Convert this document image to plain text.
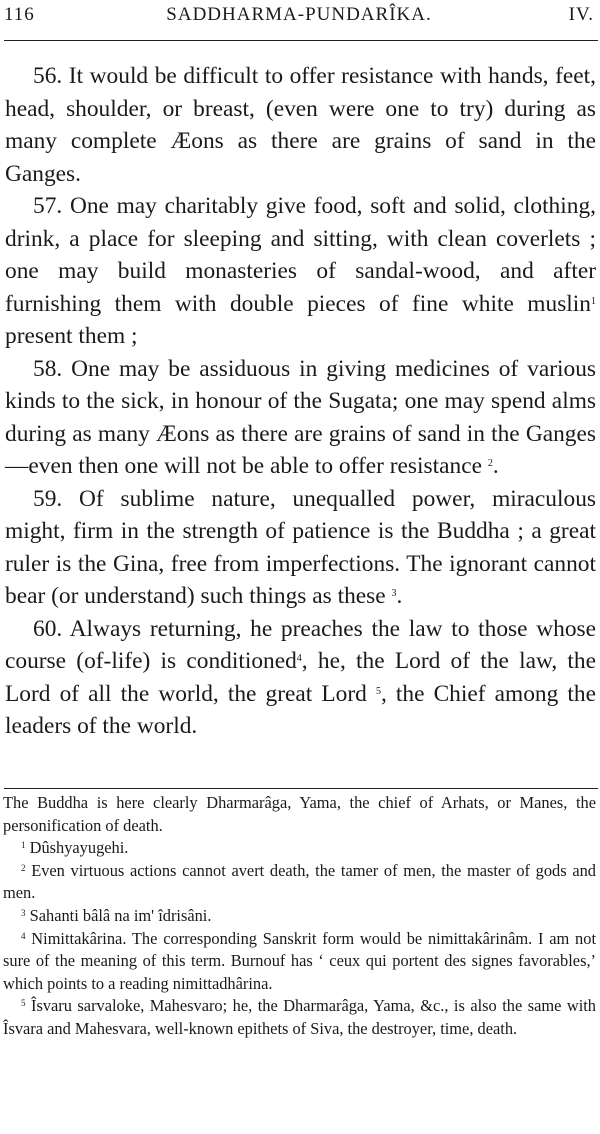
116	SADDHARMA-PUNDARÎKA.	IV.

56. It would be difficult to offer resistance with hands, feet, head, shoulder, or breast, (even were one to try) during as many complete Æons as there are grains of sand in the Ganges.

57. One may charitably give food, soft and solid, clothing, drink, a place for sleeping and sitting, with clean coverlets ; one may build monasteries of sandal-wood, and after furnishing them with double pieces of fine white muslin$^1$ present them ;

58. One may be assiduous in giving medicines of various kinds to the sick, in honour of the Sugata; one may spend alms during as many Æons as there are grains of sand in the Ganges—even then one will not be able to offer resistance $^2$.

59. Of sublime nature, unequalled power, miraculous might, firm in the strength of patience is the Buddha ; a great ruler is the Gina, free from imperfections. The ignorant cannot bear (or understand) such things as these $^3$.

60. Always returning, he preaches the law to those whose course (of-life) is conditioned$^4$, he, the Lord of the law, the Lord of all the world, the great Lord $^5$, the Chief among the leaders of the world.

The Buddha is here clearly Dharmarâga, Yama, the chief of Arhats, or Manes, the personification of death.

$^1$ Dûshyayugehi.

$^2$ Even virtuous actions cannot avert death, the tamer of men, the master of gods and men.

$^3$ Sahanti bâlâ na im' îdrisâni.

$^4$ Nimittakârina. The corresponding Sanskrit form would be nimittakârinâm. I am not sure of the meaning of this term. Burnouf has ‘ ceux qui portent des signes favorables,’ which points to a reading nimittadhârina.

$^5$ Îsvaru sarvaloke, Mahesvaro; he, the Dharmarâga, Yama, &c., is also the same with Îsvara and Mahesvara, well-known epithets of Siva, the destroyer, time, death.
